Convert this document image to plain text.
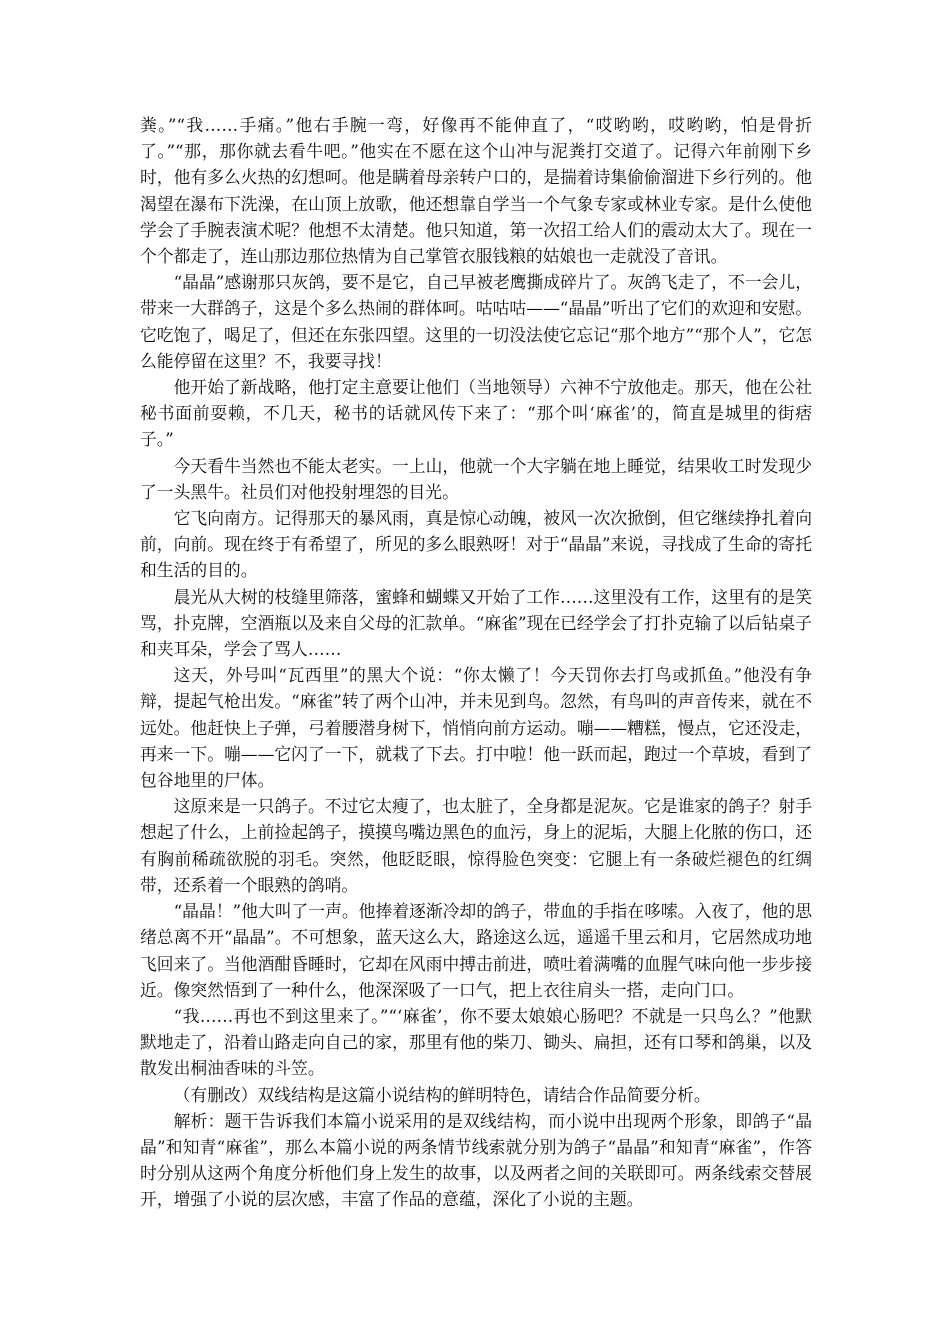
粪。”“我……手痛。”他右手腕一弯，好像再不能伸直了，“哎哟哟，哎哟哟，怕是骨折了。”“那，那你就去看牛吧。”他实在不愿在这个山冲与泥粪打交道了。记得六年前刚下乡时，他有多么火热的幻想呵。他是瞒着母亲转户口的，是揣着诗集偷偷溜进下乡行列的。他渴望在瀑布下洗澡，在山顶上放歌，他还想靠自学当一个气象专家或林业专家。是什么使他学会了手腕表演术呢？他想不太清楚。他只知道，第一次招工给人们的震动太大了。现在一个个都走了，连山那边那位热情为自己掌管衣服钱粮的姑娘也一走就没了音讯。

“晶晶”感谢那只灰鸽，要不是它，自己早被老鹰撕成碎片了。灰鸽飞走了，不一会儿，带来一大群鸽子，这是个多么热闹的群体呵。咕咕咕——“晶晶”听出了它们的欢迎和安慰。它吃饱了，喝足了，但还在东张四望。这里的一切没法使它忘记“那个地方”“那个人”，它怎么能停留在这里？不，我要寻找！

他开始了新战略，他打定主意要让他们（当地领导）六神不宁放他走。那天，他在公社秘书面前耍赖，不几天，秘书的话就风传下来了：“那个叫‘麻雀’的，简直是城里的街痞子。”

今天看牛当然也不能太老实。一上山，他就一个大字躺在地上睡觉，结果收工时发现少了一头黑牛。社员们对他投射埋怨的目光。

它飞向南方。记得那天的暴风雨，真是惊心动魄，被风一次次掀倒，但它继续挣扎着向前，向前。现在终于有希望了，所见的多么眼熟呀！对于“晶晶”来说，寻找成了生命的寄托和生活的目的。

晨光从大树的枝缝里筛落，蜜蜂和蝴蝶又开始了工作……这里没有工作，这里有的是笑骂，扑克牌，空酒瓶以及来自父母的汇款单。“麻雀”现在已经学会了打扑克输了以后钻桌子和夹耳朵，学会了骂人……

这天，外号叫“瓦西里”的黑大个说：“你太懒了！今天罚你去打鸟或抓鱼。”他没有争辩，提起气枪出发。“麻雀”转了两个山冲，并未见到鸟。忽然，有鸟叫的声音传来，就在不远处。他赶快上子弹，弓着腰潜身树下，悄悄向前方运动。嘣——糟糕，慢点，它还没走，再来一下。嘣——它闪了一下，就栽了下去。打中啦！他一跃而起，跑过一个草坡，看到了包谷地里的尸体。

这原来是一只鸽子。不过它太瘦了，也太脏了，全身都是泥灰。它是谁家的鸽子？射手想起了什么，上前捡起鸽子，摸摸鸟嘴边黑色的血污，身上的泥垢，大腿上化脓的伤口，还有胸前稀疏欲脱的羽毛。突然，他眨眨眼，惊得脸色突变：它腿上有一条破烂褪色的红绸带，还系着一个眼熟的鸽哨。

“晶晶！”他大叫了一声。他捧着逐渐冷却的鸽子，带血的手指在哆嗦。入夜了，他的思绪总离不开“晶晶”。不可想象，蓝天这么大，路途这么远，遥遥千里云和月，它居然成功地飞回来了。当他酒酣昏睡时，它却在风雨中搏击前进，喷吐着满嘴的血腥气味向他一步步接近。像突然悟到了一种什么，他深深吸了一口气，把上衣往肩头一搭，走向门口。

“我……再也不到这里来了。”“‘麻雀’，你不要太娘娘心肠吧？不就是一只鸟么？”他默默地走了，沿着山路走向自己的家，那里有他的柴刀、锄头、扁担，还有口琴和鸽巢，以及散发出桐油香味的斗笠。

（有删改）双线结构是这篇小说结构的鲜明特色，请结合作品简要分析。

解析：题干告诉我们本篇小说采用的是双线结构，而小说中出现两个形象，即鸽子“晶晶”和知青“麻雀”，那么本篇小说的两条情节线索就分别为鸽子“晶晶”和知青“麻雀”，作答时分别从这两个角度分析他们身上发生的故事，以及两者之间的关联即可。两条线索交替展开，增强了小说的层次感，丰富了作品的意蕴，深化了小说的主题。
